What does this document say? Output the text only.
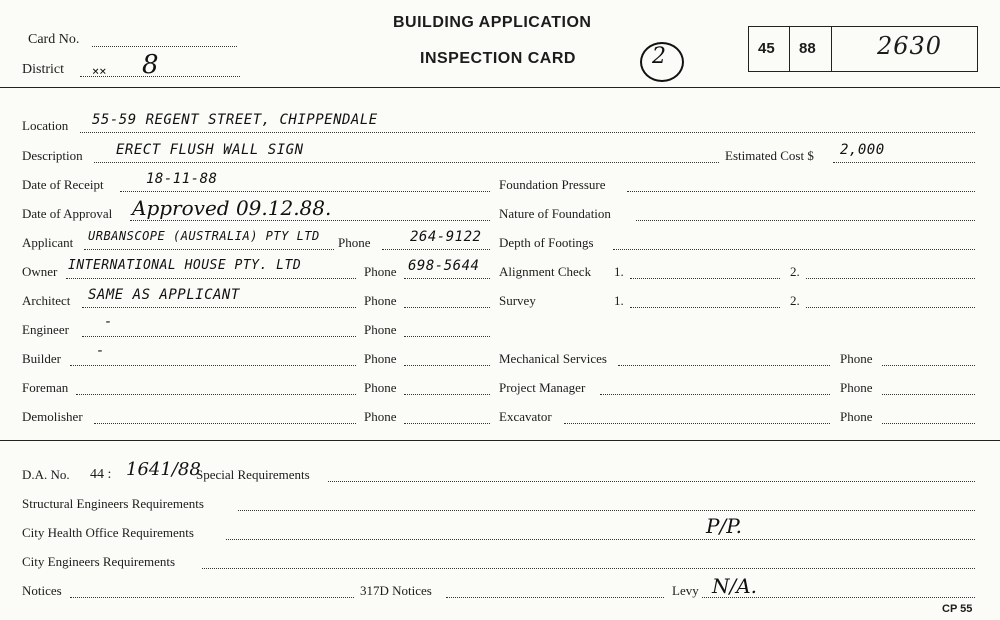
Card No.
District ⨯⨯ 8
BUILDING APPLICATION
INSPECTION CARD	2	45 88	2630
Location 55-59 REGENT STREET, CHIPPENDALE
Description ERECT FLUSH WALL SIGN	Estimated Cost $ 2,000
Date of Receipt	18-11-88	Foundation Pressure
Date of Approval Approved 09.12.88.	Nature of Foundation
Applicant URBANSCOPE (AUSTRALIA) PTY LTD Phone	264-9122 Depth of Footings
Owner INTERNATIONAL HOUSE PTY. LTD	Phone 698-5644 Alignment Check 1.	2.
Architect SAME AS APPLICANT	Phone	Survey	1.	2.
Engineer	-	Phone
Builder	-	Phone	Mechanical Services	Phone
Foreman	Phone	Project Manager	Phone
Demolisher	Phone	Excavator	Phone
D.A. No. 44 : 1641/88
Special Requirements
Structural Engineers Requirements
City Health Office Requirements	P/P.
City Engineers Requirements
Notices	317D Notices	Levy N/A.
CP 55
